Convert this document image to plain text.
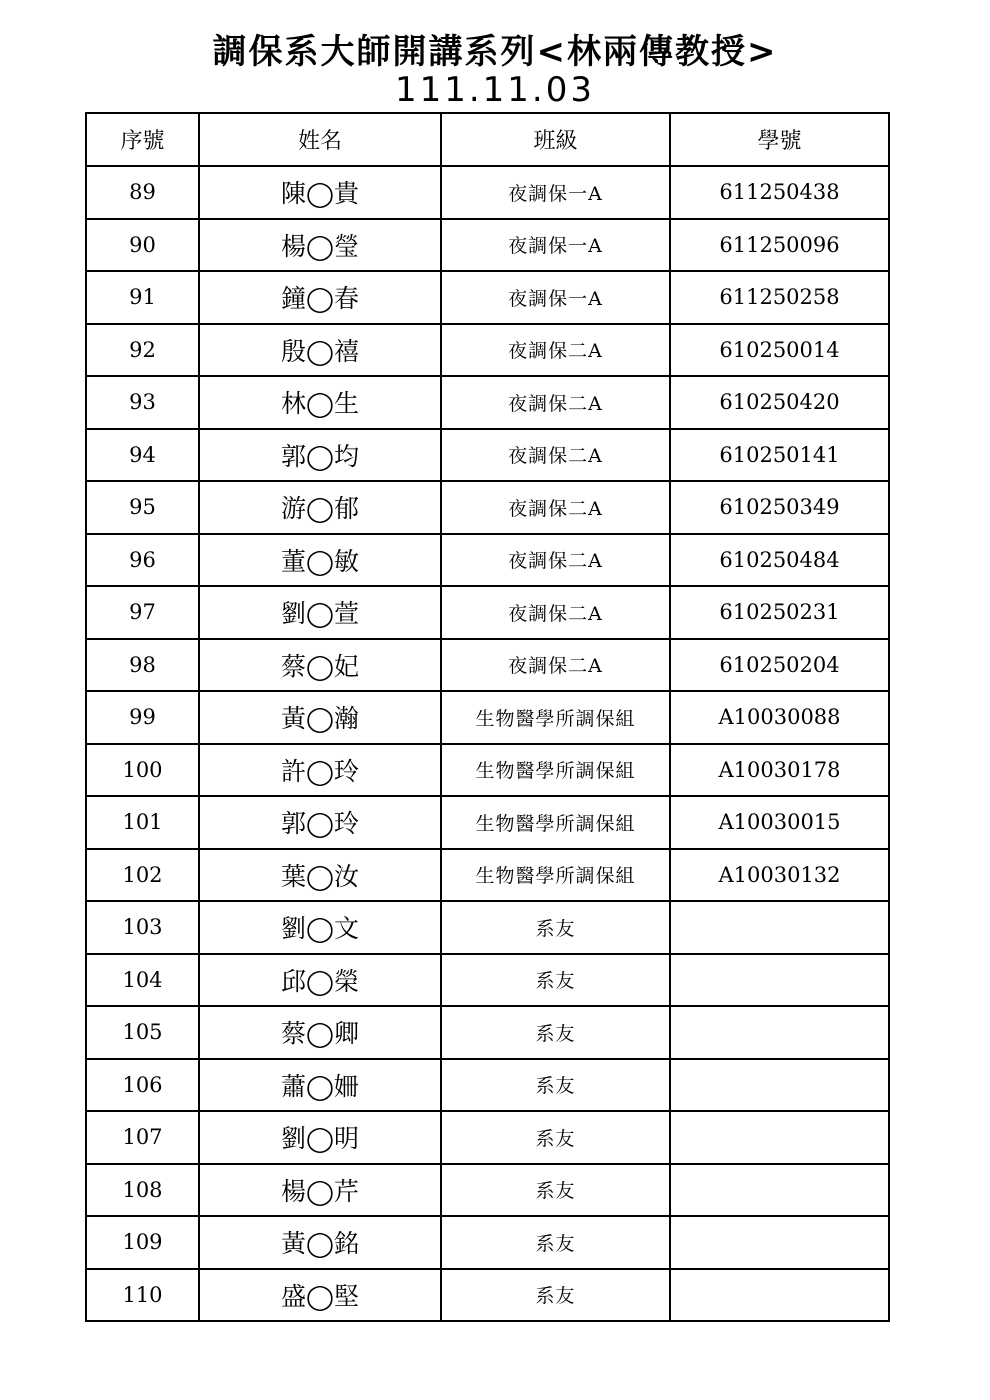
調保系大師開講系列<林兩傳教授>
111.11.03
序號	姓名	班級	學號
89	陳◯貴	夜調保一A	611250438
90	楊◯瑩	夜調保一A	611250096
91	鐘◯春	夜調保一A	611250258
92	殷◯禧	夜調保二A	610250014
93	林◯生	夜調保二A	610250420
94	郭◯均	夜調保二A	610250141
95	游◯郁	夜調保二A	610250349
96	董◯敏	夜調保二A	610250484
97	劉◯萱	夜調保二A	610250231
98	蔡◯妃	夜調保二A	610250204
99	黃◯瀚	生物醫學所調保組	A10030088
100	許◯玲	生物醫學所調保組	A10030178
101	郭◯玲	生物醫學所調保組	A10030015
102	葉◯汝	生物醫學所調保組	A10030132
103	劉◯文	系友	
104	邱◯榮	系友	
105	蔡◯卿	系友	
106	蕭◯姍	系友	
107	劉◯明	系友	
108	楊◯芹	系友	
109	黃◯銘	系友	
110	盛◯堅	系友	
